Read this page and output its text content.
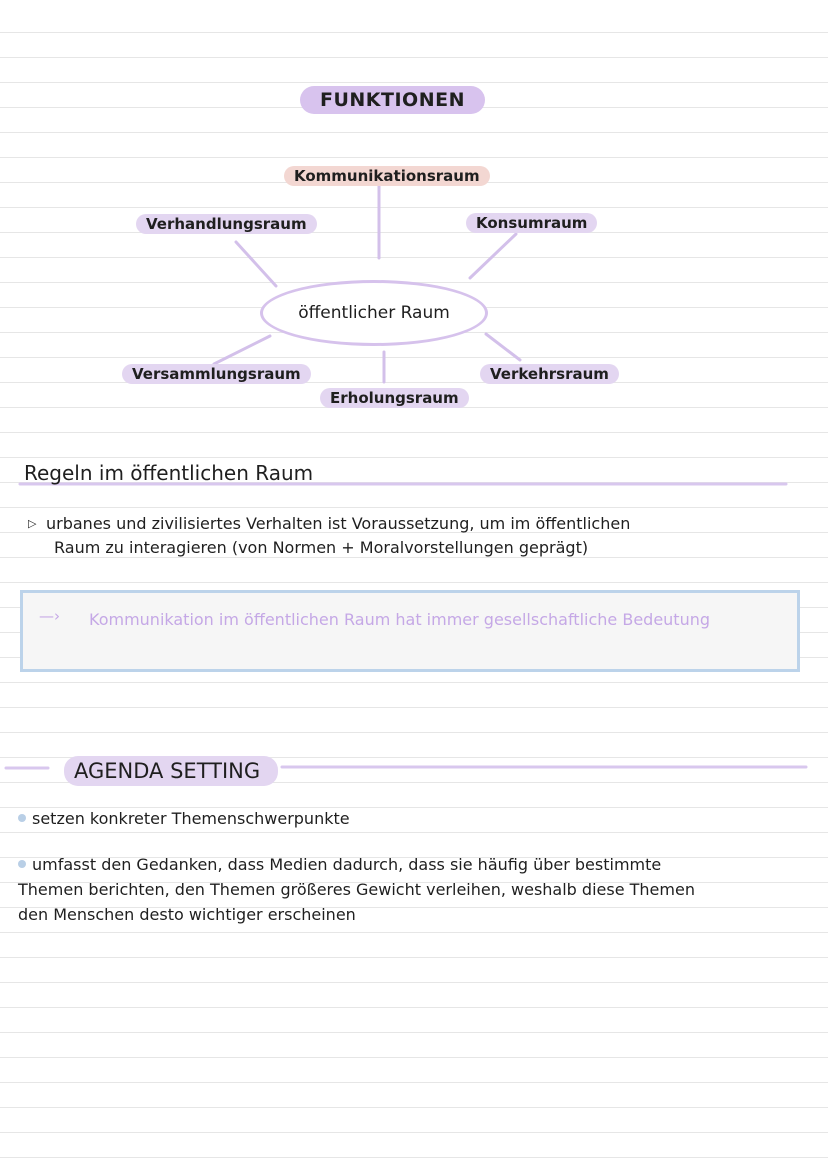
FUNKTIONEN
Kommunikationsraum
Verhandlungsraum	Konsumraum
öffentlicher Raum
Versammlungsraum	Verkehrsraum
Erholungsraum
Regeln im öffentlichen Raum
▷ urbanes und zivilisiertes Verhalten ist Voraussetzung, um im öffentlichen
Raum zu interagieren (von Normen + Moralvorstellungen geprägt)
—› Kommunikation im öffentlichen Raum hat immer gesellschaftliche Bedeutung
AGENDA SETTING
setzen konkreter Themenschwerpunkte
umfasst den Gedanken, dass Medien dadurch, dass sie häufig über bestimmte Themen berichten, den Themen größeres Gewicht verleihen, weshalb diese Themen den Menschen desto wichtiger erscheinen
